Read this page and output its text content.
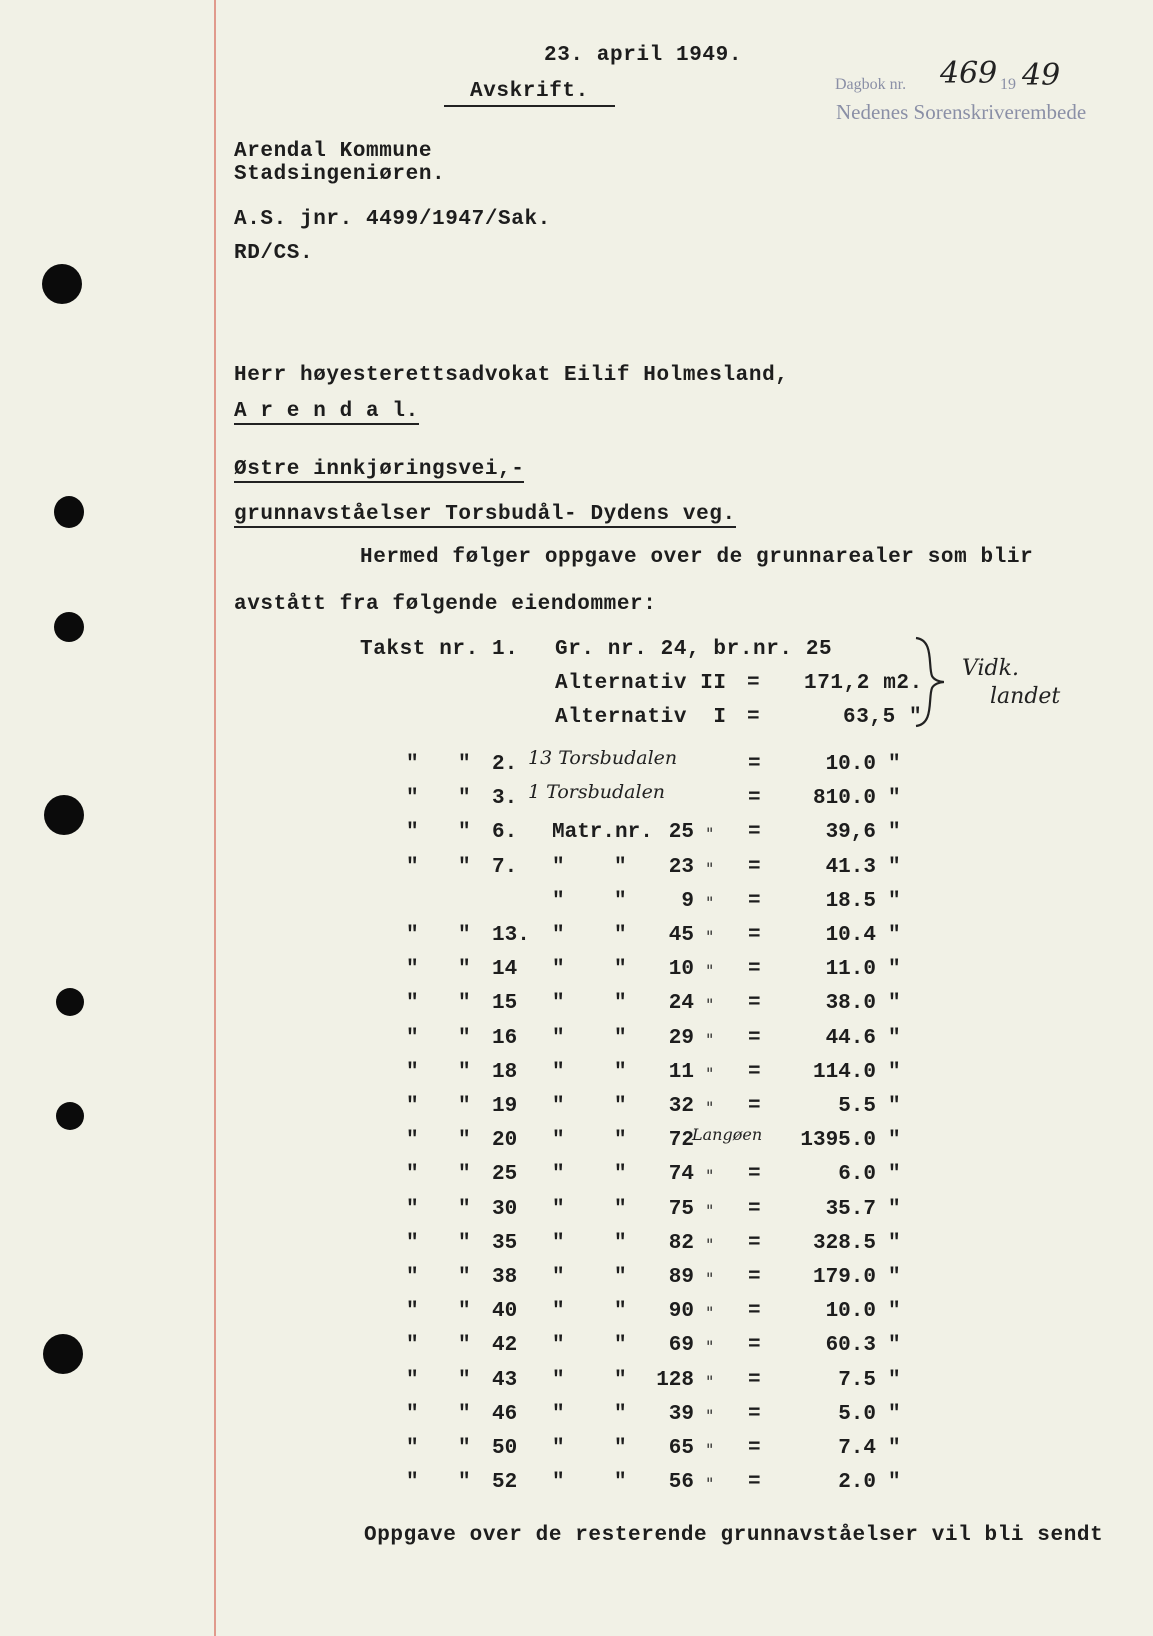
23. april 1949.
Avskrift.	Dagbok nr. 469 19 49
Nedenes Sorenskriverembede
Arendal Kommune
Stadsingeniøren.
A.S. jnr. 4499/1947/Sak.
RD/CS.
Herr høyesterettsadvokat Eilif Holmesland,
A r e n d a l.
Østre innkjøringsvei,-
grunnavståelser Torsbudål- Dydens veg.
Hermed følger oppgave over de grunnarealer som blir
avstått fra følgende eiendommer:
Takst nr. 1. Gr. nr. 24, br.nr. 25
Alternativ II = 171,2 m2.
Alternativ  I =	63,5 "
Vidk.
landet
" " 2.	=	10.0 "
13 Torsbudalen
" " 3.	= 810.0 "
1 Torsbudalen
" " 6. Matr.nr. 25 " =	39,6 "
" " 7. " " 23 " =	41.3 "
" "	9 " =	18.5 "
" " 13. " " 45 " =	10.4 "
" " 14 " " 10 " =	11.0 "
" " 15 " " 24 " =	38.0 "
" " 16 " " 29 " =	44.6 "
" " 18 " " 11 " = 114.0 "
" " 19 " " 32 " =	5.5 "
" " 20 " " 72	1395.0 "
Langøen
" " 25 " " 74 " =	6.0 "
" " 30 " " 75 " =	35.7 "
" " 35 " " 82 " = 328.5 "
" " 38 " " 89 " = 179.0 "
" " 40 " " 90 " =	10.0 "
" " 42 " " 69 " =	60.3 "
" " 43 " " 128 " =	7.5 "
" " 46 " " 39 " =	5.0 "
" " 50 " " 65 " =	7.4 "
" " 52 " " 56 " =	2.0 "
Oppgave over de resterende grunnavståelser vil bli sendt
